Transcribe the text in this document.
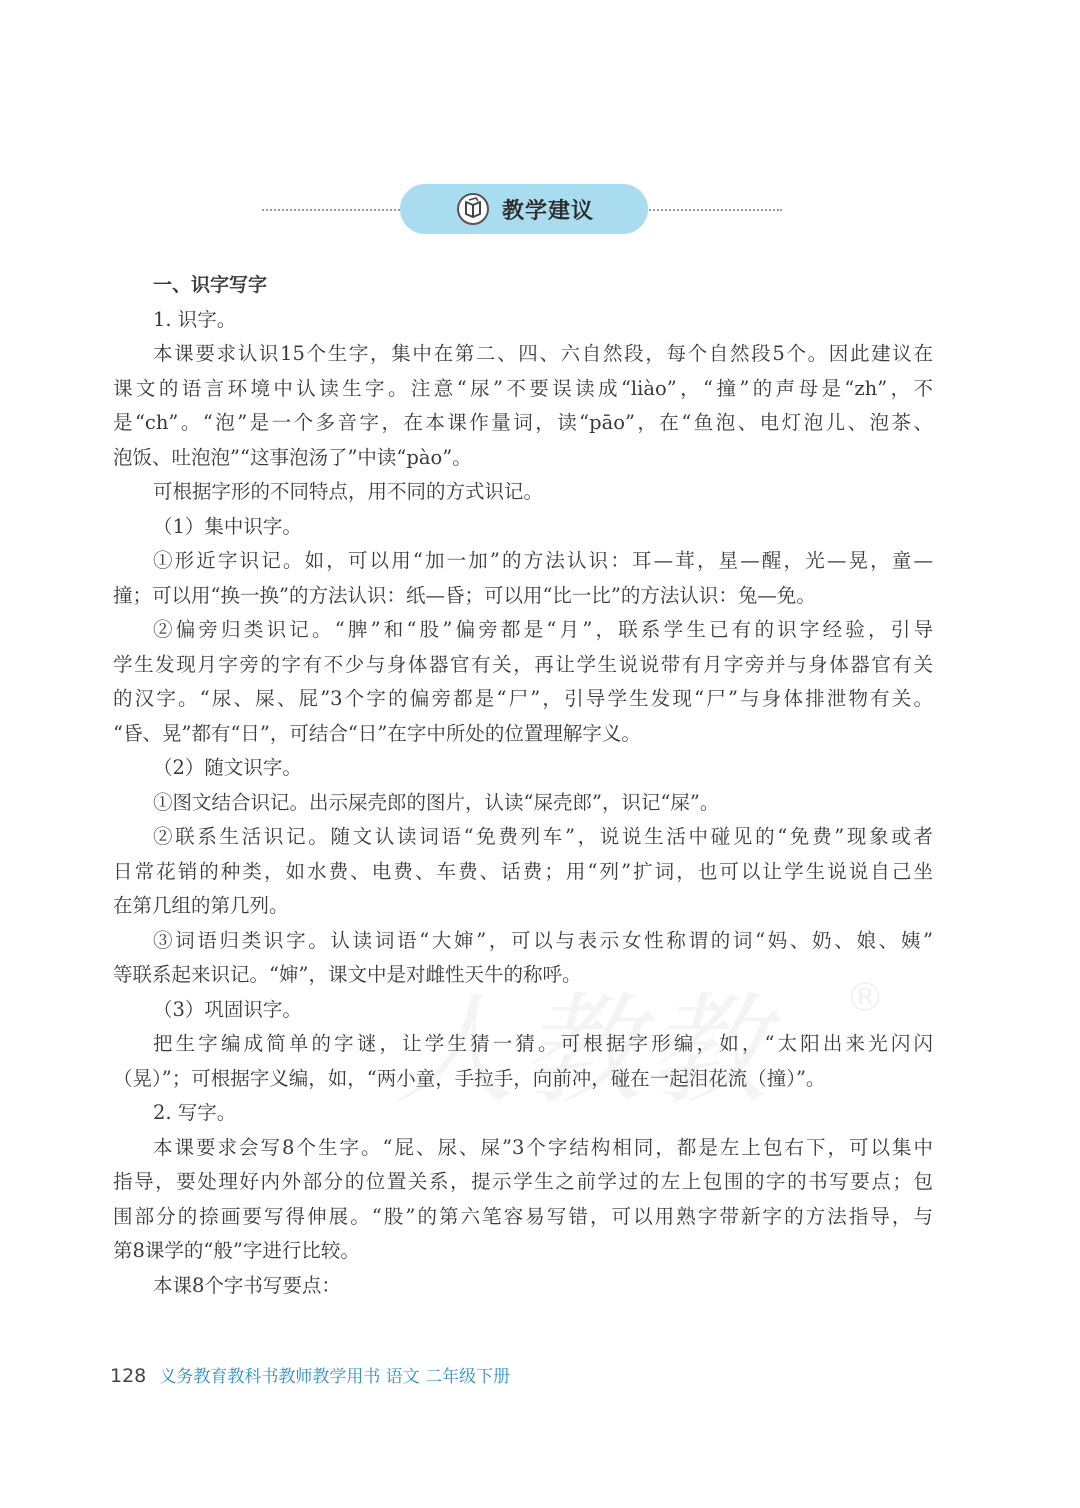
教学建议
®
一、识字写字
1. 识字。
本课要求认识15个生字，集中在第二、四、六自然段，每个自然段5个。因此建议在
课文的语言环境中认读生字。注意“尿”不要误读成“liào”，“撞”的声母是“zh”，不
是“ch”。“泡”是一个多音字，在本课作量词，读“pāo”，在“鱼泡、电灯泡儿、泡茶、
泡饭、吐泡泡”“这事泡汤了”中读“pào”。
可根据字形的不同特点，用不同的方式识记。
（1）集中识字。
①形近字识记。如，可以用“加一加”的方法认识：耳—茸，星—醒，光—晃，童—
撞；可以用“换一换”的方法认识：纸—昏；可以用“比一比”的方法认识：兔—免。
②偏旁归类识记。“脾”和“股”偏旁都是“月”，联系学生已有的识字经验，引导
学生发现月字旁的字有不少与身体器官有关，再让学生说说带有月字旁并与身体器官有关
的汉字。“尿、屎、屁”3个字的偏旁都是“尸”，引导学生发现“尸”与身体排泄物有关。
“昏、晃”都有“日”，可结合“日”在字中所处的位置理解字义。
（2）随文识字。
①图文结合识记。出示屎壳郎的图片，认读“屎壳郎”，识记“屎”。
②联系生活识记。随文认读词语“免费列车”，说说生活中碰见的“免费”现象或者
日常花销的种类，如水费、电费、车费、话费；用“列”扩词，也可以让学生说说自己坐
在第几组的第几列。
③词语归类识字。认读词语“大婶”，可以与表示女性称谓的词“妈、奶、娘、姨”
等联系起来识记。“婶”，课文中是对雌性天牛的称呼。
（3）巩固识字。
把生字编成简单的字谜，让学生猜一猜。可根据字形编，如，“太阳出来光闪闪
（晃）”；可根据字义编，如，“两小童，手拉手，向前冲，碰在一起泪花流（撞）”。
2. 写字。
本课要求会写8个生字。“屁、尿、屎”3个字结构相同，都是左上包右下，可以集中
指导，要处理好内外部分的位置关系，提示学生之前学过的左上包围的字的书写要点；包
围部分的捺画要写得伸展。“股”的第六笔容易写错，可以用熟字带新字的方法指导，与
第8课学的“般”字进行比较。
本课8个字书写要点：
128 义务教育教科书教师教学用书 语文 二年级下册
